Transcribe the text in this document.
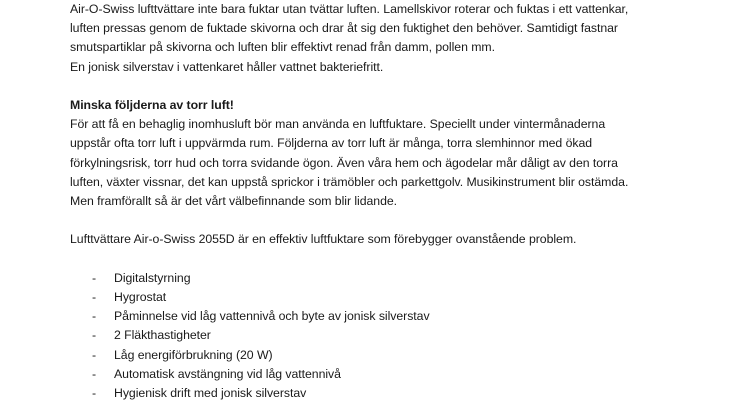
Air-O-Swiss lufttvättare inte bara fuktar utan tvättar luften. Lamellskivor roterar och fuktas i ett vattenkar,
luften pressas genom de fuktade skivorna och drar åt sig den fuktighet den behöver. Samtidigt fastnar
smutspartiklar på skivorna och luften blir effektivt renad från damm, pollen mm.
En jonisk silverstav i vattenkaret håller vattnet bakteriefritt.
Minska följderna av torr luft!
För att få en behaglig inomhusluft bör man använda en luftfuktare. Speciellt under vintermånaderna
uppstår ofta torr luft i uppvärmda rum. Följderna av torr luft är många, torra slemhinnor med ökad
förkylningsrisk, torr hud och torra svidande ögon. Även våra hem och ägodelar mår dåligt av den torra
luften, växter vissnar, det kan uppstå sprickor i trämöbler och parkettgolv. Musikinstrument blir ostämda.
Men framförallt så är det vårt välbefinnande som blir lidande.
Lufttvättare Air-o-Swiss 2055D är en effektiv luftfuktare som förebygger ovanstående problem.
-	Digitalstyrning
-	Hygrostat
-	Påminnelse vid låg vattennivå och byte av jonisk silverstav
-	2 Fläkthastigheter
-	Låg energiförbrukning (20 W)
-	Automatisk avstängning vid låg vattennivå
-	Hygienisk drift med jonisk silverstav
